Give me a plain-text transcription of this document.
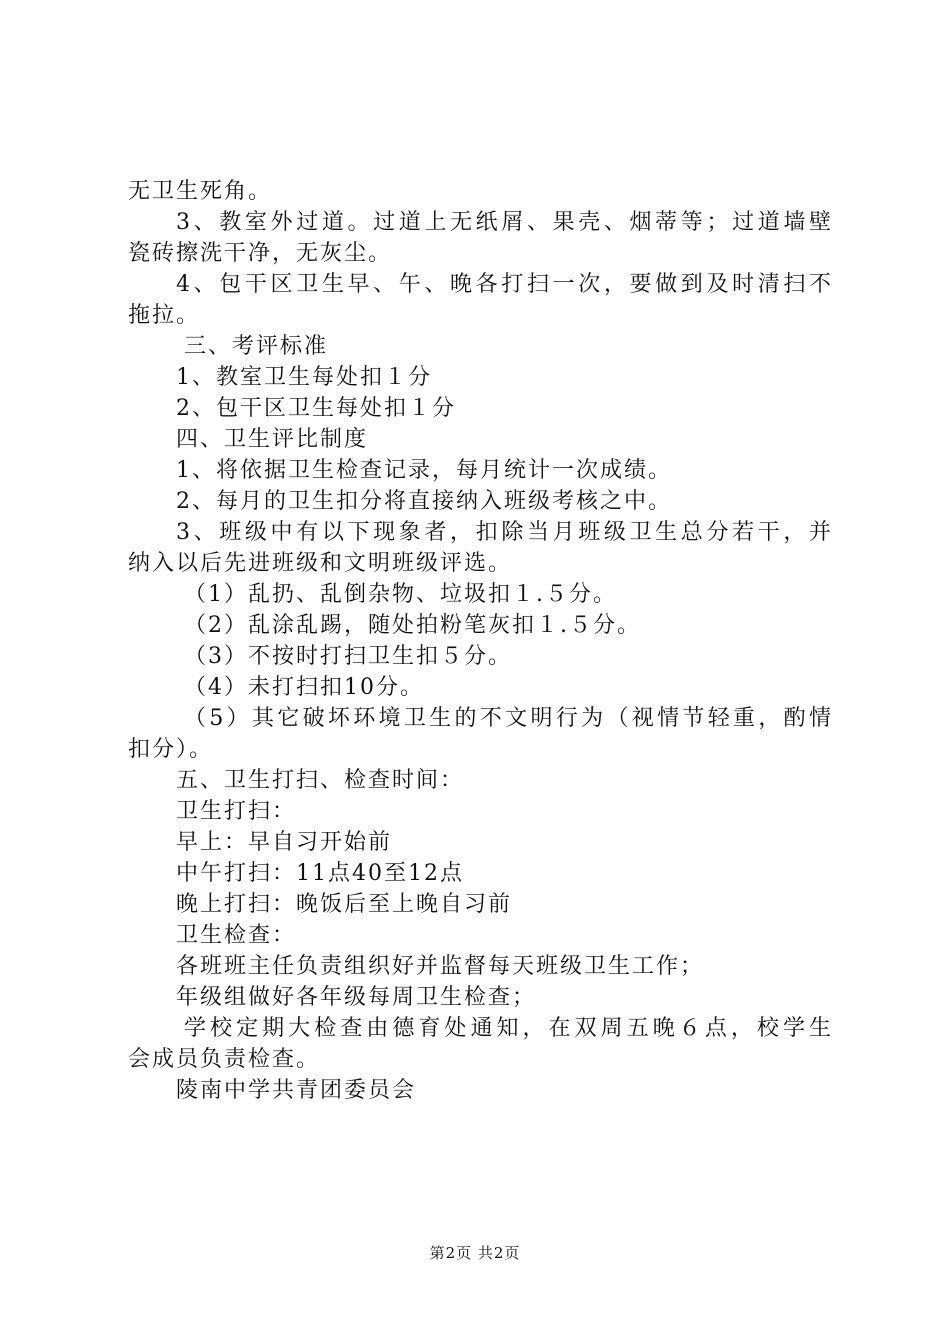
无卫生死角。
3、教室外过道。过道上无纸屑、果壳、烟蒂等；过道墙壁
瓷砖擦洗干净，无灰尘。
4、包干区卫生早、午、晚各打扫一次，要做到及时清扫不
拖拉。
三、考评标准
1、教室卫生每处扣１分
2、包干区卫生每处扣１分
四、卫生评比制度
1、将依据卫生检查记录，每月统计一次成绩。
2、每月的卫生扣分将直接纳入班级考核之中。
3、班级中有以下现象者，扣除当月班级卫生总分若干，并
纳入以后先进班级和文明班级评选。
（1）乱扔、乱倒杂物、垃圾扣１.５分。
（2）乱涂乱踢，随处拍粉笔灰扣１.５分。
（3）不按时打扫卫生扣５分。
（4）未打扫扣10分。
（5）其它破坏环境卫生的不文明行为（视情节轻重，酌情
扣分）。
五、卫生打扫、检查时间：
卫生打扫：
早上：早自习开始前
中午打扫：11点40至12点
晚上打扫：晚饭后至上晚自习前
卫生检查：
各班班主任负责组织好并监督每天班级卫生工作；
年级组做好各年级每周卫生检查；
学校定期大检查由德育处通知，在双周五晚６点，校学生
会成员负责检查。
陵南中学共青团委员会
第2页 共2页
